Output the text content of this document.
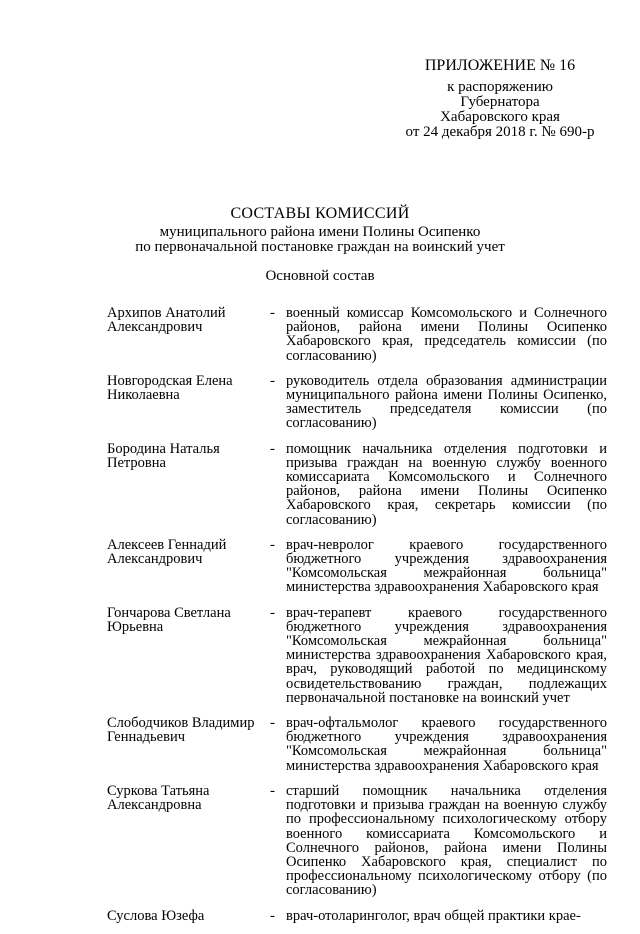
ПРИЛОЖЕНИЕ № 16
к распоряжению
Губернатора
Хабаровского края
от 24 декабря 2018 г. № 690-р
СОСТАВЫ КОМИССИЙ
муниципального района имени Полины Осипенко
по первоначальной постановке граждан на воинский учет
Основной состав
Архипов Анатолий
Александрович
- военный комиссар Комсомольского и Солнечного районов, района имени Полины Осипенко Хабаровского края, председатель комиссии (по согласованию)
Новгородская Елена
Николаевна
- руководитель отдела образования администрации муниципального района имени Полины Осипенко, заместитель председателя комиссии (по согласованию)
Бородина Наталья
Петровна
- помощник начальника отделения подготовки и призыва граждан на военную службу военного комиссариата Комсомольского и Солнечного районов, района имени Полины Осипенко Хабаровского края, секретарь комиссии (по согласованию)
Алексеев Геннадий
Александрович
- врач-невролог краевого государственного бюджетного учреждения здравоохранения "Комсомольская межрайонная больница" министерства здравоохранения Хабаровского края
Гончарова Светлана
Юрьевна
- врач-терапевт краевого государственного бюджетного учреждения здравоохранения "Комсомольская межрайонная больница" министерства здравоохранения Хабаровского края, врач, руководящий работой по медицинскому освидетельствованию граждан, подлежащих первоначальной постановке на воинский учет
Слободчиков Владимир
Геннадьевич
- врач-офтальмолог краевого государственного бюджетного учреждения здравоохранения "Комсомольская межрайонная больница" министерства здравоохранения Хабаровского края
Суркова Татьяна
Александровна
- старший помощник начальника отделения подготовки и призыва граждан на военную службу по профессиональному психологическому отбору военного комиссариата Комсомольского и Солнечного районов, района имени Полины Осипенко Хабаровского края, специалист по профессиональному психологическому отбору (по согласованию)
Суслова Юзефа	- врач-отоларинголог, врач общей практики крае-
